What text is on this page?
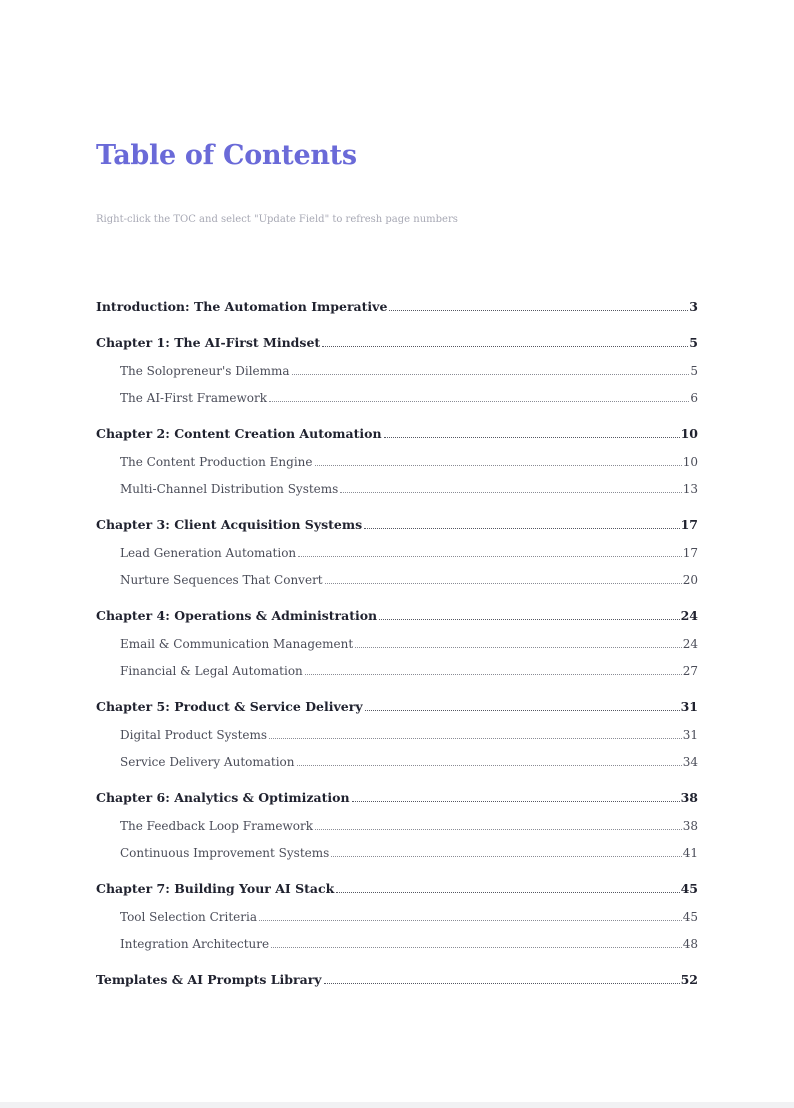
Table of Contents
Right-click the TOC and select "Update Field" to refresh page numbers
Introduction: The Automation Imperative	3
Chapter 1: The AI-First Mindset	5
The Solopreneur's Dilemma	5
The AI-First Framework	6
Chapter 2: Content Creation Automation	10
The Content Production Engine	10
Multi-Channel Distribution Systems	13
Chapter 3: Client Acquisition Systems	17
Lead Generation Automation	17
Nurture Sequences That Convert	20
Chapter 4: Operations & Administration	24
Email & Communication Management	24
Financial & Legal Automation	27
Chapter 5: Product & Service Delivery	31
Digital Product Systems	31
Service Delivery Automation	34
Chapter 6: Analytics & Optimization	38
The Feedback Loop Framework	38
Continuous Improvement Systems	41
Chapter 7: Building Your AI Stack	45
Tool Selection Criteria	45
Integration Architecture	48
Templates & AI Prompts Library	52
